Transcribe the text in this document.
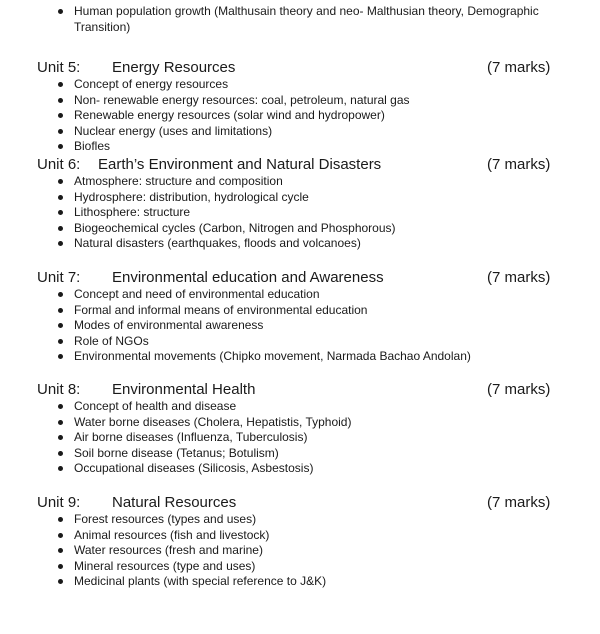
Human population growth (Malthusain theory and neo- Malthusian theory, Demographic Transition)
Unit 5: Energy Resources	(7 marks)
Concept of energy resources
Non- renewable energy resources: coal, petroleum, natural gas
Renewable energy resources (solar wind and hydropower)
Nuclear energy (uses and limitations)
Biofles
Unit 6: Earth’s Environment and Natural Disasters	(7 marks)
Atmosphere: structure and composition
Hydrosphere: distribution, hydrological cycle
Lithosphere: structure
Biogeochemical cycles (Carbon, Nitrogen and Phosphorous)
Natural disasters (earthquakes, floods and volcanoes)
Unit 7: Environmental education and Awareness	(7 marks)
Concept and need of environmental education
Formal and informal means of environmental education
Modes of environmental awareness
Role of NGOs
Environmental movements (Chipko movement, Narmada Bachao Andolan)
Unit 8: Environmental Health	(7 marks)
Concept of health and disease
Water borne diseases (Cholera, Hepatistis, Typhoid)
Air borne diseases (Influenza, Tuberculosis)
Soil borne disease (Tetanus; Botulism)
Occupational diseases (Silicosis, Asbestosis)
Unit 9: Natural Resources	(7 marks)
Forest resources (types and uses)
Animal resources (fish and livestock)
Water resources (fresh and marine)
Mineral resources (type and uses)
Medicinal plants (with special reference to J&K)
